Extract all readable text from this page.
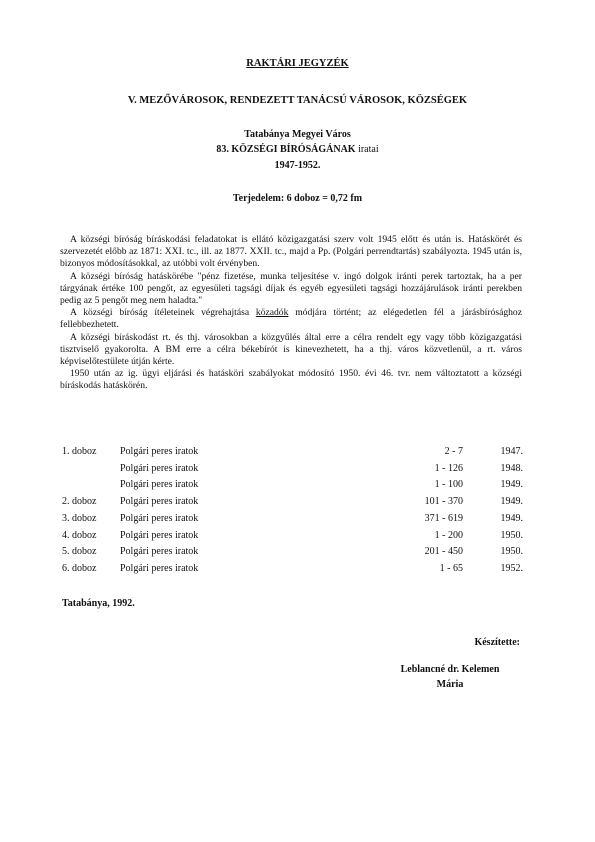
RAKTÁRI JEGYZÉK
V. MEZŐVÁROSOK, RENDEZETT TANÁCSÚ VÁROSOK, KÖZSÉGEK
Tatabánya Megyei Város
83. KÖZSÉGI BÍRÓSÁGÁNAK iratai
1947-1952.
Terjedelem: 6 doboz = 0,72 fm

A községi bíróság bíráskodási feladatokat is ellátó közigazgatási szerv volt 1945 előtt és után is. Hatáskörét és szervezetét előbb az 1871: XXI. tc., ill. az 1877. XXII. tc., majd a Pp. (Polgári perrendtartás) szabályozta. 1945 után is, bizonyos módosításokkal, az utóbbi volt érvényben.

A községi bíróság hatáskörébe "pénz fizetése, munka teljesítése v. ingó dolgok iránti perek tartoztak, ha a per tárgyának értéke 100 pengőt, az egyesületi tagsági díjak és egyéb egyesületi tagsági hozzájárulások iránti perekben pedig az 5 pengőt meg nem haladta."

A községi bíróság ítéleteinek végrehajtása közadók módjára történt; az elégedetlen fél a járásbírósághoz fellebbezhetett.

A községi bíráskodást rt. és thj. városokban a közgyűlés által erre a célra rendelt egy vagy több közigazgatási tisztviselő gyakorolta. A BM erre a célra békebírót is kinevezhetett, ha a thj. város közvetlenül, a rt. város képviselőtestülete útján kérte.

1950 után az ig. ügyi eljárási és hatásköri szabályokat módosító 1950. évi 46. tvr. nem változtatott a községi bíráskodás hatáskörén.

1. doboz Polgári peres iratok	2 - 7	1947.
Polgári peres iratok	1 - 126	1948.
Polgári peres iratok	1 - 100	1949.
2. doboz Polgári peres iratok	101 - 370	1949.
3. doboz Polgári peres iratok	371 - 619	1949.
4. doboz Polgári peres iratok	1 - 200	1950.
5. doboz Polgári peres iratok	201 - 450	1950.
6. doboz Polgári peres iratok	1 - 65	1952.
Tatabánya, 1992.
Készítette:
Leblancné dr. Kelemen
Mária
